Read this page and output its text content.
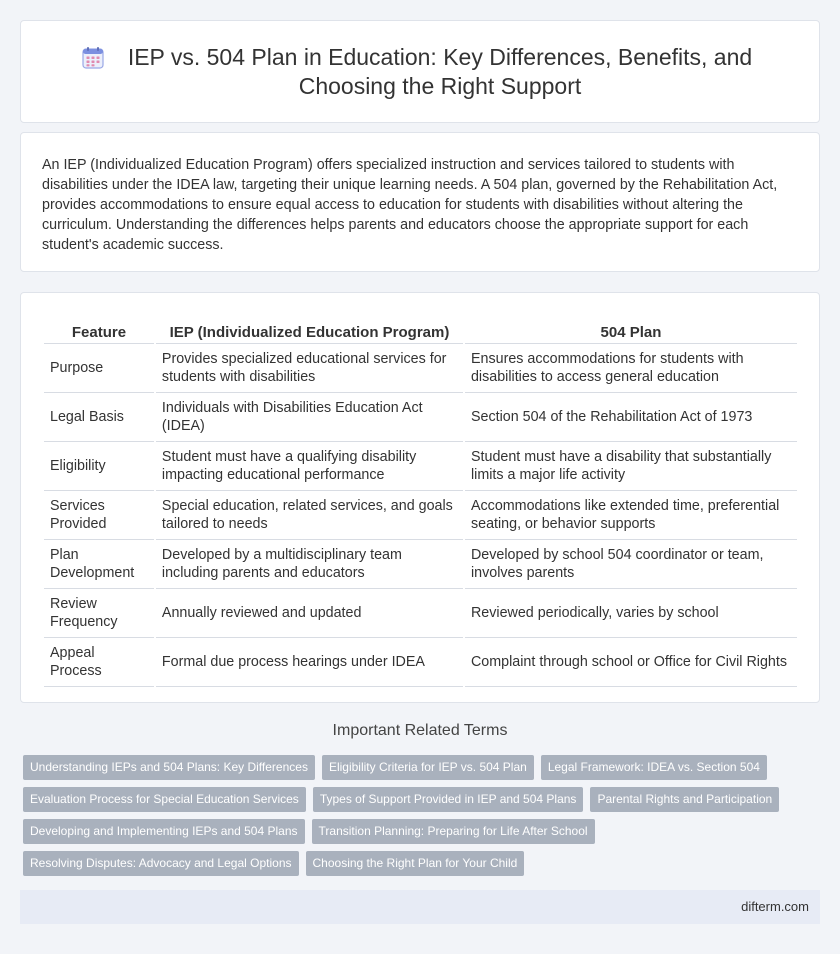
IEP vs. 504 Plan in Education: Key Differences, Benefits, and Choosing the Right Support

An IEP (Individualized Education Program) offers specialized instruction and services tailored to students with disabilities under the IDEA law, targeting their unique learning needs. A 504 plan, governed by the Rehabilitation Act, provides accommodations to ensure equal access to education for students with disabilities without altering the curriculum. Understanding the differences helps parents and educators choose the appropriate support for each student's academic success.

Feature	IEP (Individualized Education Program)	504 Plan
Purpose	Provides specialized educational services for students with disabilities	Ensures accommodations for students with disabilities to access general education
Legal Basis	Individuals with Disabilities Education Act (IDEA)	Section 504 of the Rehabilitation Act of 1973
Eligibility	Student must have a qualifying disability impacting educational performance	Student must have a disability that substantially limits a major life activity
Services Provided	Special education, related services, and goals tailored to needs	Accommodations like extended time, preferential seating, or behavior supports
Plan Development	Developed by a multidisciplinary team including parents and educators	Developed by school 504 coordinator or team, involves parents
Review Frequency	Annually reviewed and updated	Reviewed periodically, varies by school
Appeal Process	Formal due process hearings under IDEA	Complaint through school or Office for Civil Rights
Important Related Terms
Understanding IEPs and 504 Plans: Key Differences	Eligibility Criteria for IEP vs. 504 Plan	Legal Framework: IDEA vs. Section 504
Evaluation Process for Special Education Services	Types of Support Provided in IEP and 504 Plans	Parental Rights and Participation
Developing and Implementing IEPs and 504 Plans	Transition Planning: Preparing for Life After School
Resolving Disputes: Advocacy and Legal Options	Choosing the Right Plan for Your Child
difterm.com
